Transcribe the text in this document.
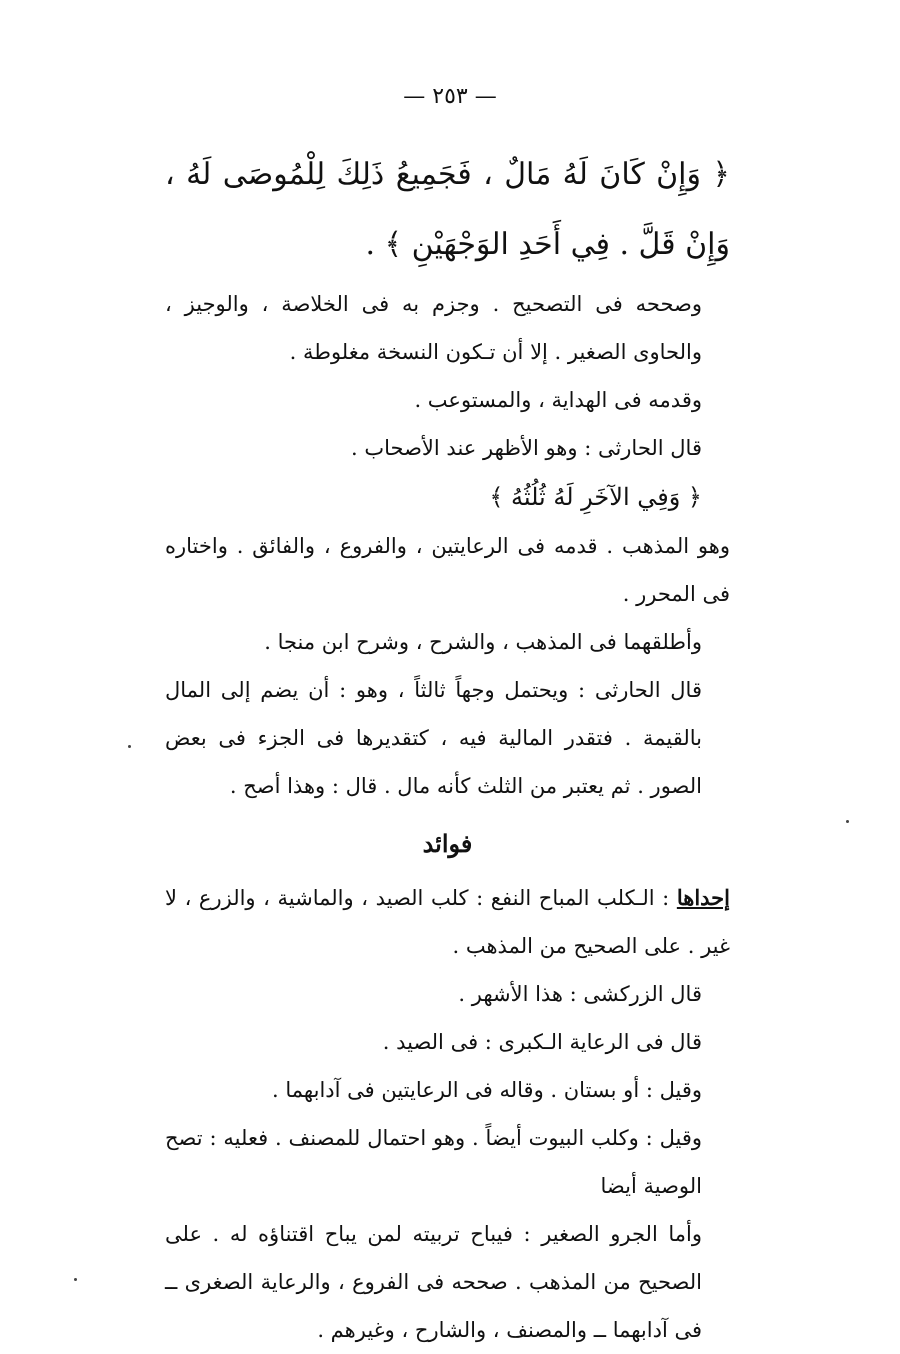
— ٢٥٣ —

﴿ وَإِنْ كَانَ لَهُ مَالٌ ، فَجَمِيعُ ذَلِكَ لِلْمُوصَى لَهُ ، وَإِنْ قَلَّ . فِي أَحَدِ الوَجْهَيْنِ ﴾ .

وصححه فى التصحيح . وجزم به فى الخلاصة ، والوجيز ، والحاوى الصغير . إلا أن تـكون النسخة مغلوطة .

وقدمه فى الهداية ، والمستوعب .

قال الحارثى : وهو الأظهر عند الأصحاب .

﴿ وَفِي الآخَرِ لَهُ ثُلُثُهُ ﴾

وهو المذهب . قدمه فى الرعايتين ، والفروع ، والفائق . واختاره فى المحرر .

وأطلقهما فى المذهب ، والشرح ، وشرح ابن منجا .

قال الحارثى : ويحتمل وجهاً ثالثاً ، وهو : أن يضم إلى المال بالقيمة . فتقدر المالية فيه ، كتقديرها فى الجزء فى بعض الصور . ثم يعتبر من الثلث كأنه مال . قال : وهذا أصح .

فوائد

إحداها : الـكلب المباح النفع : كلب الصيد ، والماشية ، والزرع ، لا غير . على الصحيح من المذهب .

قال الزركشى : هذا الأشهر .

قال فى الرعاية الـكبرى : فى الصيد .

وقيل : أو بستان . وقاله فى الرعايتين فى آدابهما .

وقيل : وكلب البيوت أيضاً . وهو احتمال للمصنف . فعليه : تصح الوصية أيضا

وأما الجرو الصغير : فيباح تربيته لمن يباح اقتناؤه له . على الصحيح من المذهب . صححه فى الفروع ، والرعاية الصغرى ــ فى آدابهما ــ والمصنف ، والشارح ، وغيرهم .
